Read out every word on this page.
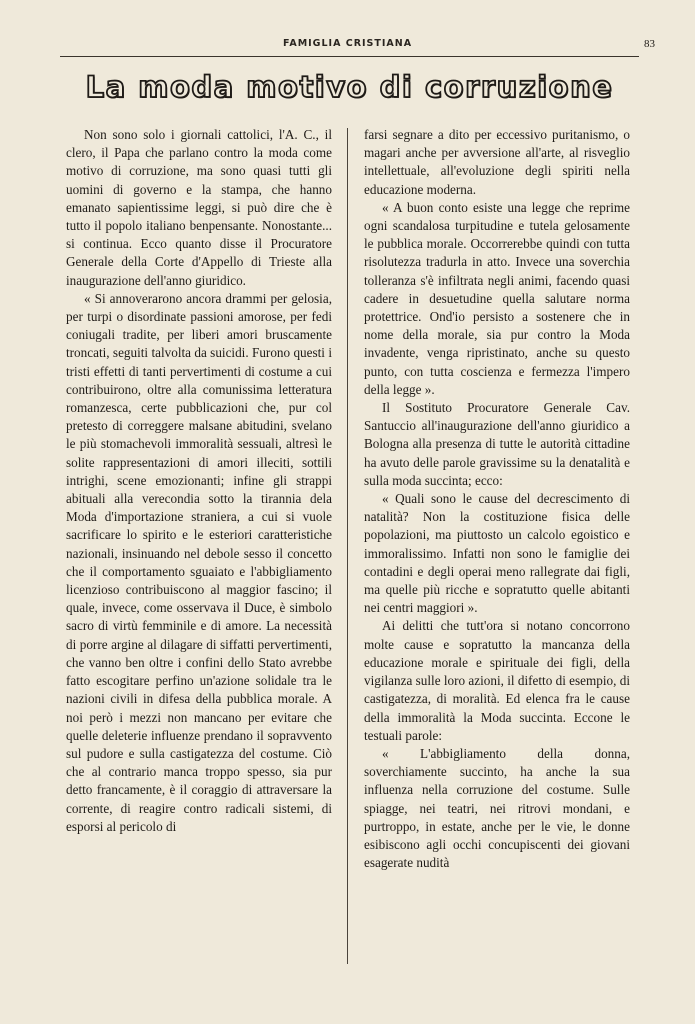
FAMIGLIA CRISTIANA	83
La moda motivo di corruzione

Non sono solo i giornali cattolici, l'A. C., il clero, il Papa che parlano contro la moda come motivo di corruzione, ma sono quasi tutti gli uomini di governo e la stampa, che hanno emanato sapientissime leggi, si può dire che è tutto il popolo italiano benpensante. Nonostante... si continua. Ecco quanto disse il Procuratore Generale della Corte d'Appello di Trieste alla inaugurazione dell'anno giuridico.

« Si annoverarono ancora drammi per gelosia, per turpi o disordinate passioni amorose, per fedi coniugali tradite, per liberi amori bruscamente troncati, seguiti talvolta da suicidi. Furono questi i tristi effetti di tanti pervertimenti di costume a cui contribuirono, oltre alla comunissima letteratura romanzesca, certe pubblicazioni che, pur col pretesto di correggere malsane abitudini, svelano le più stomachevoli immoralità sessuali, altresì le solite rappresentazioni di amori illeciti, sottili intrighi, scene emozionanti; infine gli strappi abituali alla verecondia sotto la tirannia dela Moda d'importazione straniera, a cui si vuole sacrificare lo spirito e le esteriori caratteristiche nazionali, insinuando nel debole sesso il concetto che il comportamento sguaiato e l'abbigliamento licenzioso contribuiscono al maggior fascino; il quale, invece, come osservava il Duce, è simbolo sacro di virtù femminile e di amore. La necessità di porre argine al dilagare di siffatti pervertimenti, che vanno ben oltre i confini dello Stato avrebbe fatto escogitare perfino un'azione solidale tra le nazioni civili in difesa della pubblica morale. A noi però i mezzi non mancano per evitare che quelle deleterie influenze prendano il sopravvento sul pudore e sulla castigatezza del costume. Ciò che al contrario manca troppo spesso, sia pur detto francamente, è il coraggio di attraversare la corrente, di reagire contro radicali sistemi, di esporsi al pericolo di

farsi segnare a dito per eccessivo puritanismo, o magari anche per avversione all'arte, al risveglio intellettuale, all'evoluzione degli spiriti nella educazione moderna.

« A buon conto esiste una legge che reprime ogni scandalosa turpitudine e tutela gelosamente le pubblica morale. Occorrerebbe quindi con tutta risolutezza tradurla in atto. Invece una soverchia tolleranza s'è infiltrata negli animi, facendo quasi cadere in desuetudine quella salutare norma protettrice. Ond'io persisto a sostenere che in nome della morale, sia pur contro la Moda invadente, venga ripristinato, anche su questo punto, con tutta coscienza e fermezza l'impero della legge ».

Il Sostituto Procuratore Generale Cav. Santuccio all'inaugurazione dell'anno giuridico a Bologna alla presenza di tutte le autorità cittadine ha avuto delle parole gravissime su la denatalità e sulla moda succinta; ecco:

« Quali sono le cause del decrescimento di natalità? Non la costituzione fisica delle popolazioni, ma piuttosto un calcolo egoistico e immoralissimo. Infatti non sono le famiglie dei contadini e degli operai meno rallegrate dai figli, ma quelle più ricche e sopratutto quelle abitanti nei centri maggiori ».

Ai delitti che tutt'ora si notano concorrono molte cause e sopratutto la mancanza della educazione morale e spirituale dei figli, della vigilanza sulle loro azioni, il difetto di esempio, di castigatezza, di moralità. Ed elenca fra le cause della immoralità la Moda succinta. Eccone le testuali parole:

« L'abbigliamento della donna, soverchiamente succinto, ha anche la sua influenza nella corruzione del costume. Sulle spiagge, nei teatri, nei ritrovi mondani, e purtroppo, in estate, anche per le vie, le donne esibiscono agli occhi concupiscenti dei giovani esagerate nudità
